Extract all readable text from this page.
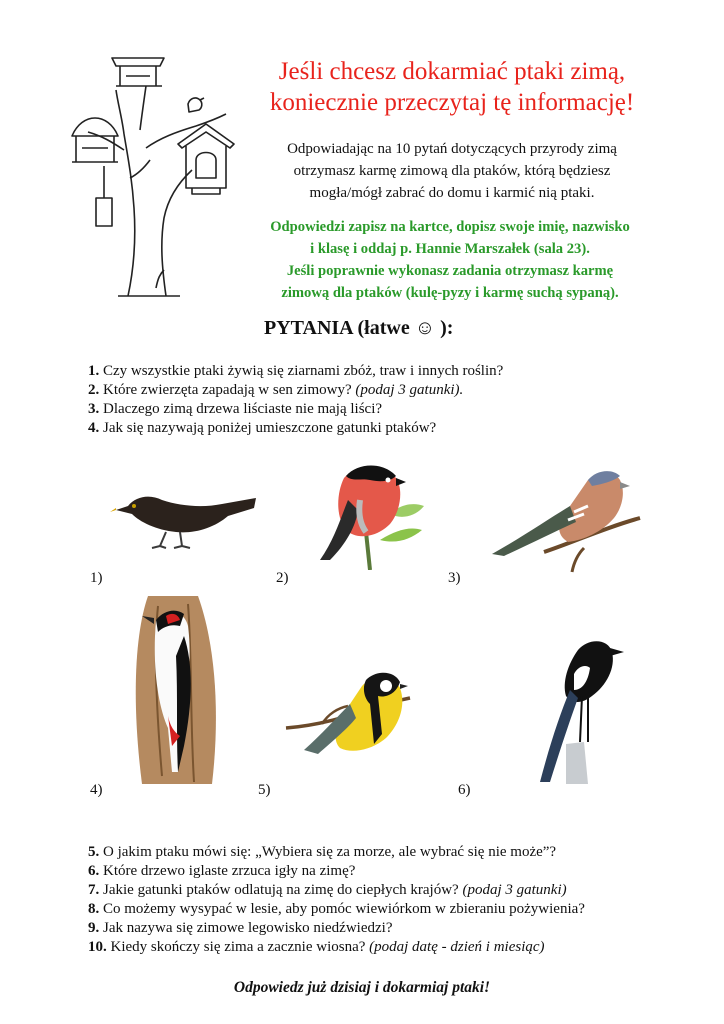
Jeśli chcesz dokarmiać ptaki zimą,
koniecznie przeczytaj tę informację!
Odpowiadając na 10 pytań dotyczących przyrody zimą
otrzymasz karmę zimową dla ptaków, którą będziesz
mogła/mógł zabrać do domu i karmić nią ptaki.
Odpowiedzi zapisz na kartce, dopisz swoje imię, nazwisko
i klasę i oddaj p. Hannie Marszałek (sala 23).
Jeśli poprawnie wykonasz zadania otrzymasz karmę
zimową dla ptaków (kulę-pyzy i karmę suchą sypaną).
PYTANIA (łatwe ☺ ):
1. Czy wszystkie ptaki żywią się ziarnami zbóż, traw i innych roślin?
2. Które zwierzęta zapadają w sen zimowy? (podaj 3 gatunki).
3. Dlaczego zimą drzewa liściaste nie mają liści?
4. Jak się nazywają poniżej umieszczone gatunki ptaków?
1)	2)	3)
4)	5)	6)
5. O jakim ptaku mówi się: „Wybiera się za morze, ale wybrać się nie może”?
6. Które drzewo iglaste zrzuca igły na zimę?
7. Jakie gatunki ptaków odlatują na zimę do ciepłych krajów? (podaj 3 gatunki)
8. Co możemy wysypać w lesie, aby pomóc wiewiórkom w zbieraniu pożywienia?
9. Jak nazywa się zimowe legowisko niedźwiedzi?
10. Kiedy skończy się zima a zacznie wiosna? (podaj datę - dzień i miesiąc)
Odpowiedz już dzisiaj i dokarmiaj ptaki!
